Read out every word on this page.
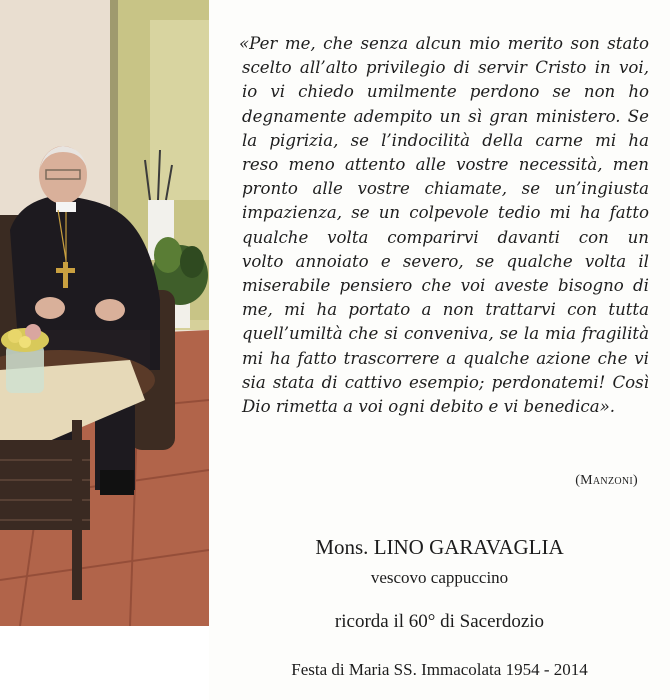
«Per me, che senza alcun mio merito son stato
scelto all’alto privilegio di servir Cristo in voi,
io vi chiedo umilmente perdono se non ho
degnamente adempito un sì gran ministero. Se
la pigrizia, se l’indocilità della carne mi ha
reso meno attento alle vostre necessità, men
pronto alle vostre chiamate, se un’ingiusta
impazienza, se un colpevole tedio mi ha fatto
qualche volta comparirvi davanti con un
volto annoiato e severo, se qualche volta il
miserabile pensiero che voi aveste bisogno di
me, mi ha portato a non trattarvi con tutta
quell’umiltà che si conveniva, se la mia fragilità
mi ha fatto trascorrere a qualche azione che vi
sia stata di cattivo esempio; perdonatemi! Così
Dio rimetta a voi ogni debito e vi benedica».

(Manzoni)
Mons. LINO GARAVAGLIA
vescovo cappuccino
ricorda il 60° di Sacerdozio
Festa di Maria SS. Immacolata 1954 - 2014
